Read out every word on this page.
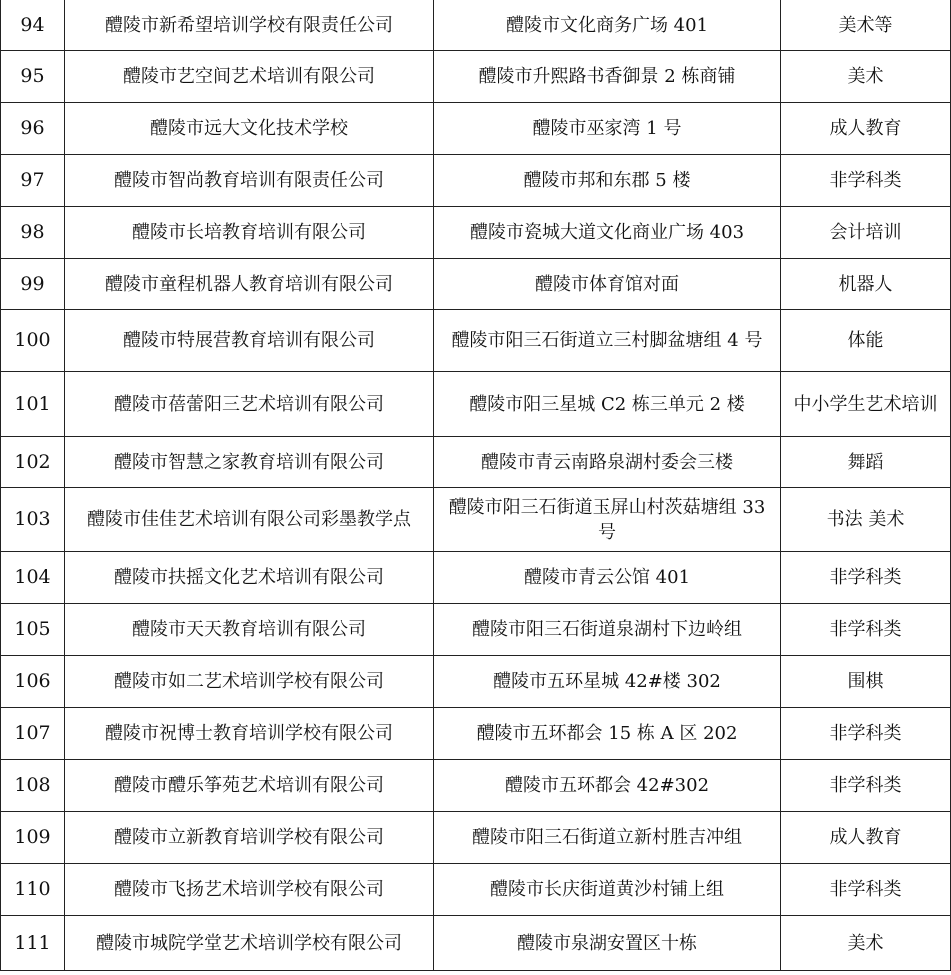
94	醴陵市新希望培训学校有限责任公司	醴陵市文化商务广场 401	美术等
95	醴陵市艺空间艺术培训有限公司	醴陵市升熙路书香御景 2 栋商铺	美术
96	醴陵市远大文化技术学校	醴陵市巫家湾 1 号	成人教育
97	醴陵市智尚教育培训有限责任公司	醴陵市邦和东郡 5 楼	非学科类
98	醴陵市长培教育培训有限公司	醴陵市瓷城大道文化商业广场 403	会计培训
99	醴陵市童程机器人教育培训有限公司	醴陵市体育馆对面	机器人
100	醴陵市特展营教育培训有限公司	醴陵市阳三石街道立三村脚盆塘组 4 号	体能
101	醴陵市蓓蕾阳三艺术培训有限公司	醴陵市阳三星城 C2 栋三单元 2 楼	中小学生艺术培训
102	醴陵市智慧之家教育培训有限公司	醴陵市青云南路泉湖村委会三楼	舞蹈
103	醴陵市佳佳艺术培训有限公司彩墨教学点	醴陵市阳三石街道玉屏山村茨菇塘组 33 号	书法 美术
104	醴陵市扶摇文化艺术培训有限公司	醴陵市青云公馆 401	非学科类
105	醴陵市天天教育培训有限公司	醴陵市阳三石街道泉湖村下边岭组	非学科类
106	醴陵市如二艺术培训学校有限公司	醴陵市五环星城 42#楼 302	围棋
107	醴陵市祝博士教育培训学校有限公司	醴陵市五环都会 15 栋 A 区 202	非学科类
108	醴陵市醴乐筝苑艺术培训有限公司	醴陵市五环都会 42#302	非学科类
109	醴陵市立新教育培训学校有限公司	醴陵市阳三石街道立新村胜吉冲组	成人教育
110	醴陵市飞扬艺术培训学校有限公司	醴陵市长庆街道黄沙村铺上组	非学科类
111	醴陵市城院学堂艺术培训学校有限公司	醴陵市泉湖安置区十栋	美术
